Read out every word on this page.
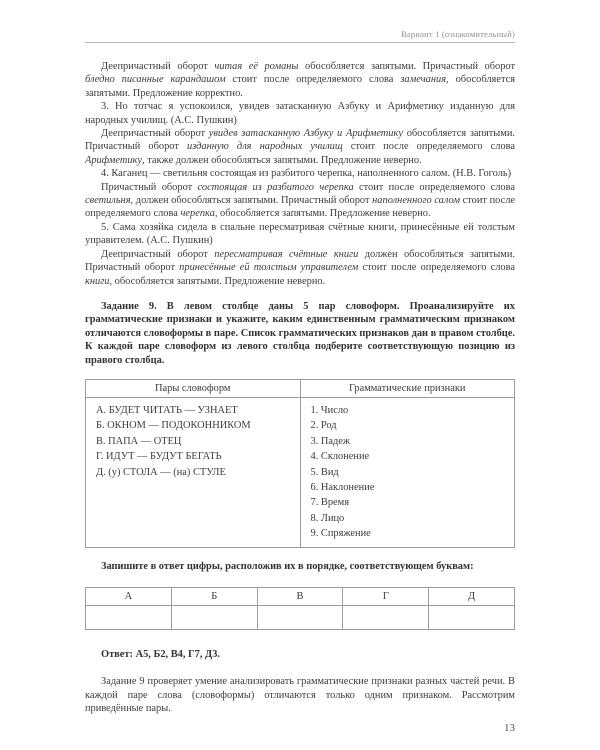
Вариант 1 (ознакомительный)

Деепричастный оборот читая её романы обособляется запятыми. Причастный оборот бледно писанные карандашом стоит после определяемого слова замечания, обособляется запятыми. Предложение корректно.

3. Но тотчас я успокоился, увидев затасканную Азбуку и Арифметику изданную для народных училищ. (А.С. Пушкин)

Деепричастный оборот увидев затасканную Азбуку и Арифметику обособляется запятыми. Причастный оборот изданную для народных училищ стоит после определяемого слова Арифметику, также должен обособляться запятыми. Предложение неверно.

4. Каганец — светильня состоящая из разбитого черепка, наполненного салом. (Н.В. Гоголь)

Причастный оборот состоящая из разбитого черепка стоит после определяемого слова светильня, должен обособляться запятыми. Причастный оборот наполненного салом стоит после определяемого слова черепка, обособляется запятыми. Предложение неверно.

5. Сама хозяйка сидела в спальне пересматривая счётные книги, принесённые ей толстым управителем. (А.С. Пушкин)

Деепричастный оборот пересматривая счётные книги должен обособляться запятыми. Причастный оборот принесённые ей толстым управителем стоит после определяемого слова книги, обособляется запятыми. Предложение неверно.

Задание 9. В левом столбце даны 5 пар словоформ. Проанализируйте их грамматические признаки и укажите, каким единственным грамматическим признаком отличаются словоформы в паре. Список грамматических признаков дан в правом столбце. К каждой паре словоформ из левого столбца подберите соответствующую позицию из правого столбца.

Пары словоформ	Грамматические признаки

А. БУДЕТ ЧИТАТЬ — УЗНАЕТ
Б. ОКНОМ — ПОДОКОННИКОМ
В. ПАПА — ОТЕЦ
Г. ИДУТ — БУДУТ БЕГАТЬ
Д. (у) СТОЛА — (на) СТУЛЕ

1. Число
2. Род
3. Падеж
4. Склонение
5. Вид
6. Наклонение
7. Время
8. Лицо
9. Спряжение

Запишите в ответ цифры, расположив их в порядке, соответствующем буквам:

А	Б	В	Г	Д

Ответ: А5, Б2, В4, Г7, Д3.

Задание 9 проверяет умение анализировать грамматические признаки разных частей речи. В каждой паре слова (словоформы) отличаются только одним признаком. Рассмотрим приведённые пары.

13
